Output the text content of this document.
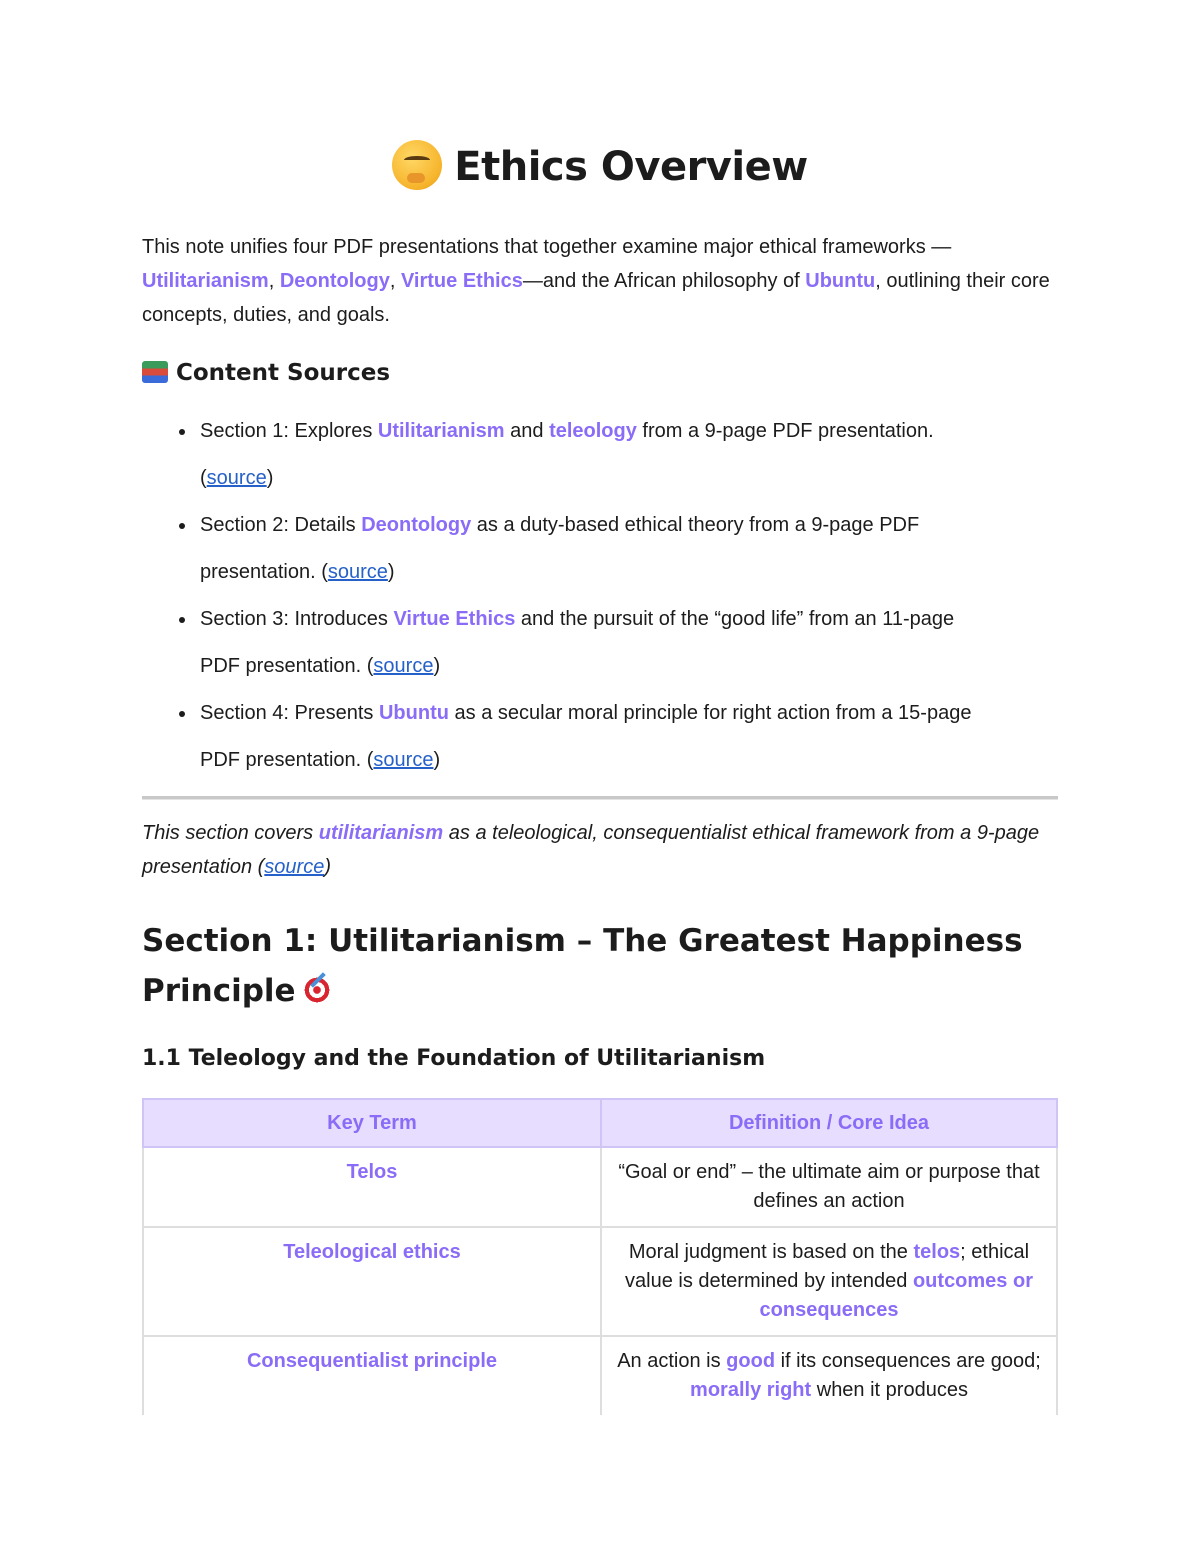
Ethics Overview
This note unifies four PDF presentations that together examine major ethical frameworks —Utilitarianism, Deontology, Virtue Ethics—and the African philosophy of Ubuntu, outlining their core concepts, duties, and goals.
Content Sources
Section 1: Explores Utilitarianism and teleology from a 9-page PDF presentation. (source)
Section 2: Details Deontology as a duty-based ethical theory from a 9-page PDF presentation. (source)
Section 3: Introduces Virtue Ethics and the pursuit of the “good life” from an 11-page PDF presentation. (source)
Section 4: Presents Ubuntu as a secular moral principle for right action from a 15-page PDF presentation. (source)
This section covers utilitarianism as a teleological, consequentialist ethical framework from a 9-page presentation (source)
Section 1: Utilitarianism – The Greatest Happiness Principle
1.1 Teleology and the Foundation of Utilitarianism
Key Term	Definition / Core Idea
Telos	“Goal or end” – the ultimate aim or purpose that defines an action
Teleological ethics	Moral judgment is based on the telos; ethical value is determined by intended outcomes or consequences
Consequentialist principle	An action is good if its consequences are good; morally right when it produces
